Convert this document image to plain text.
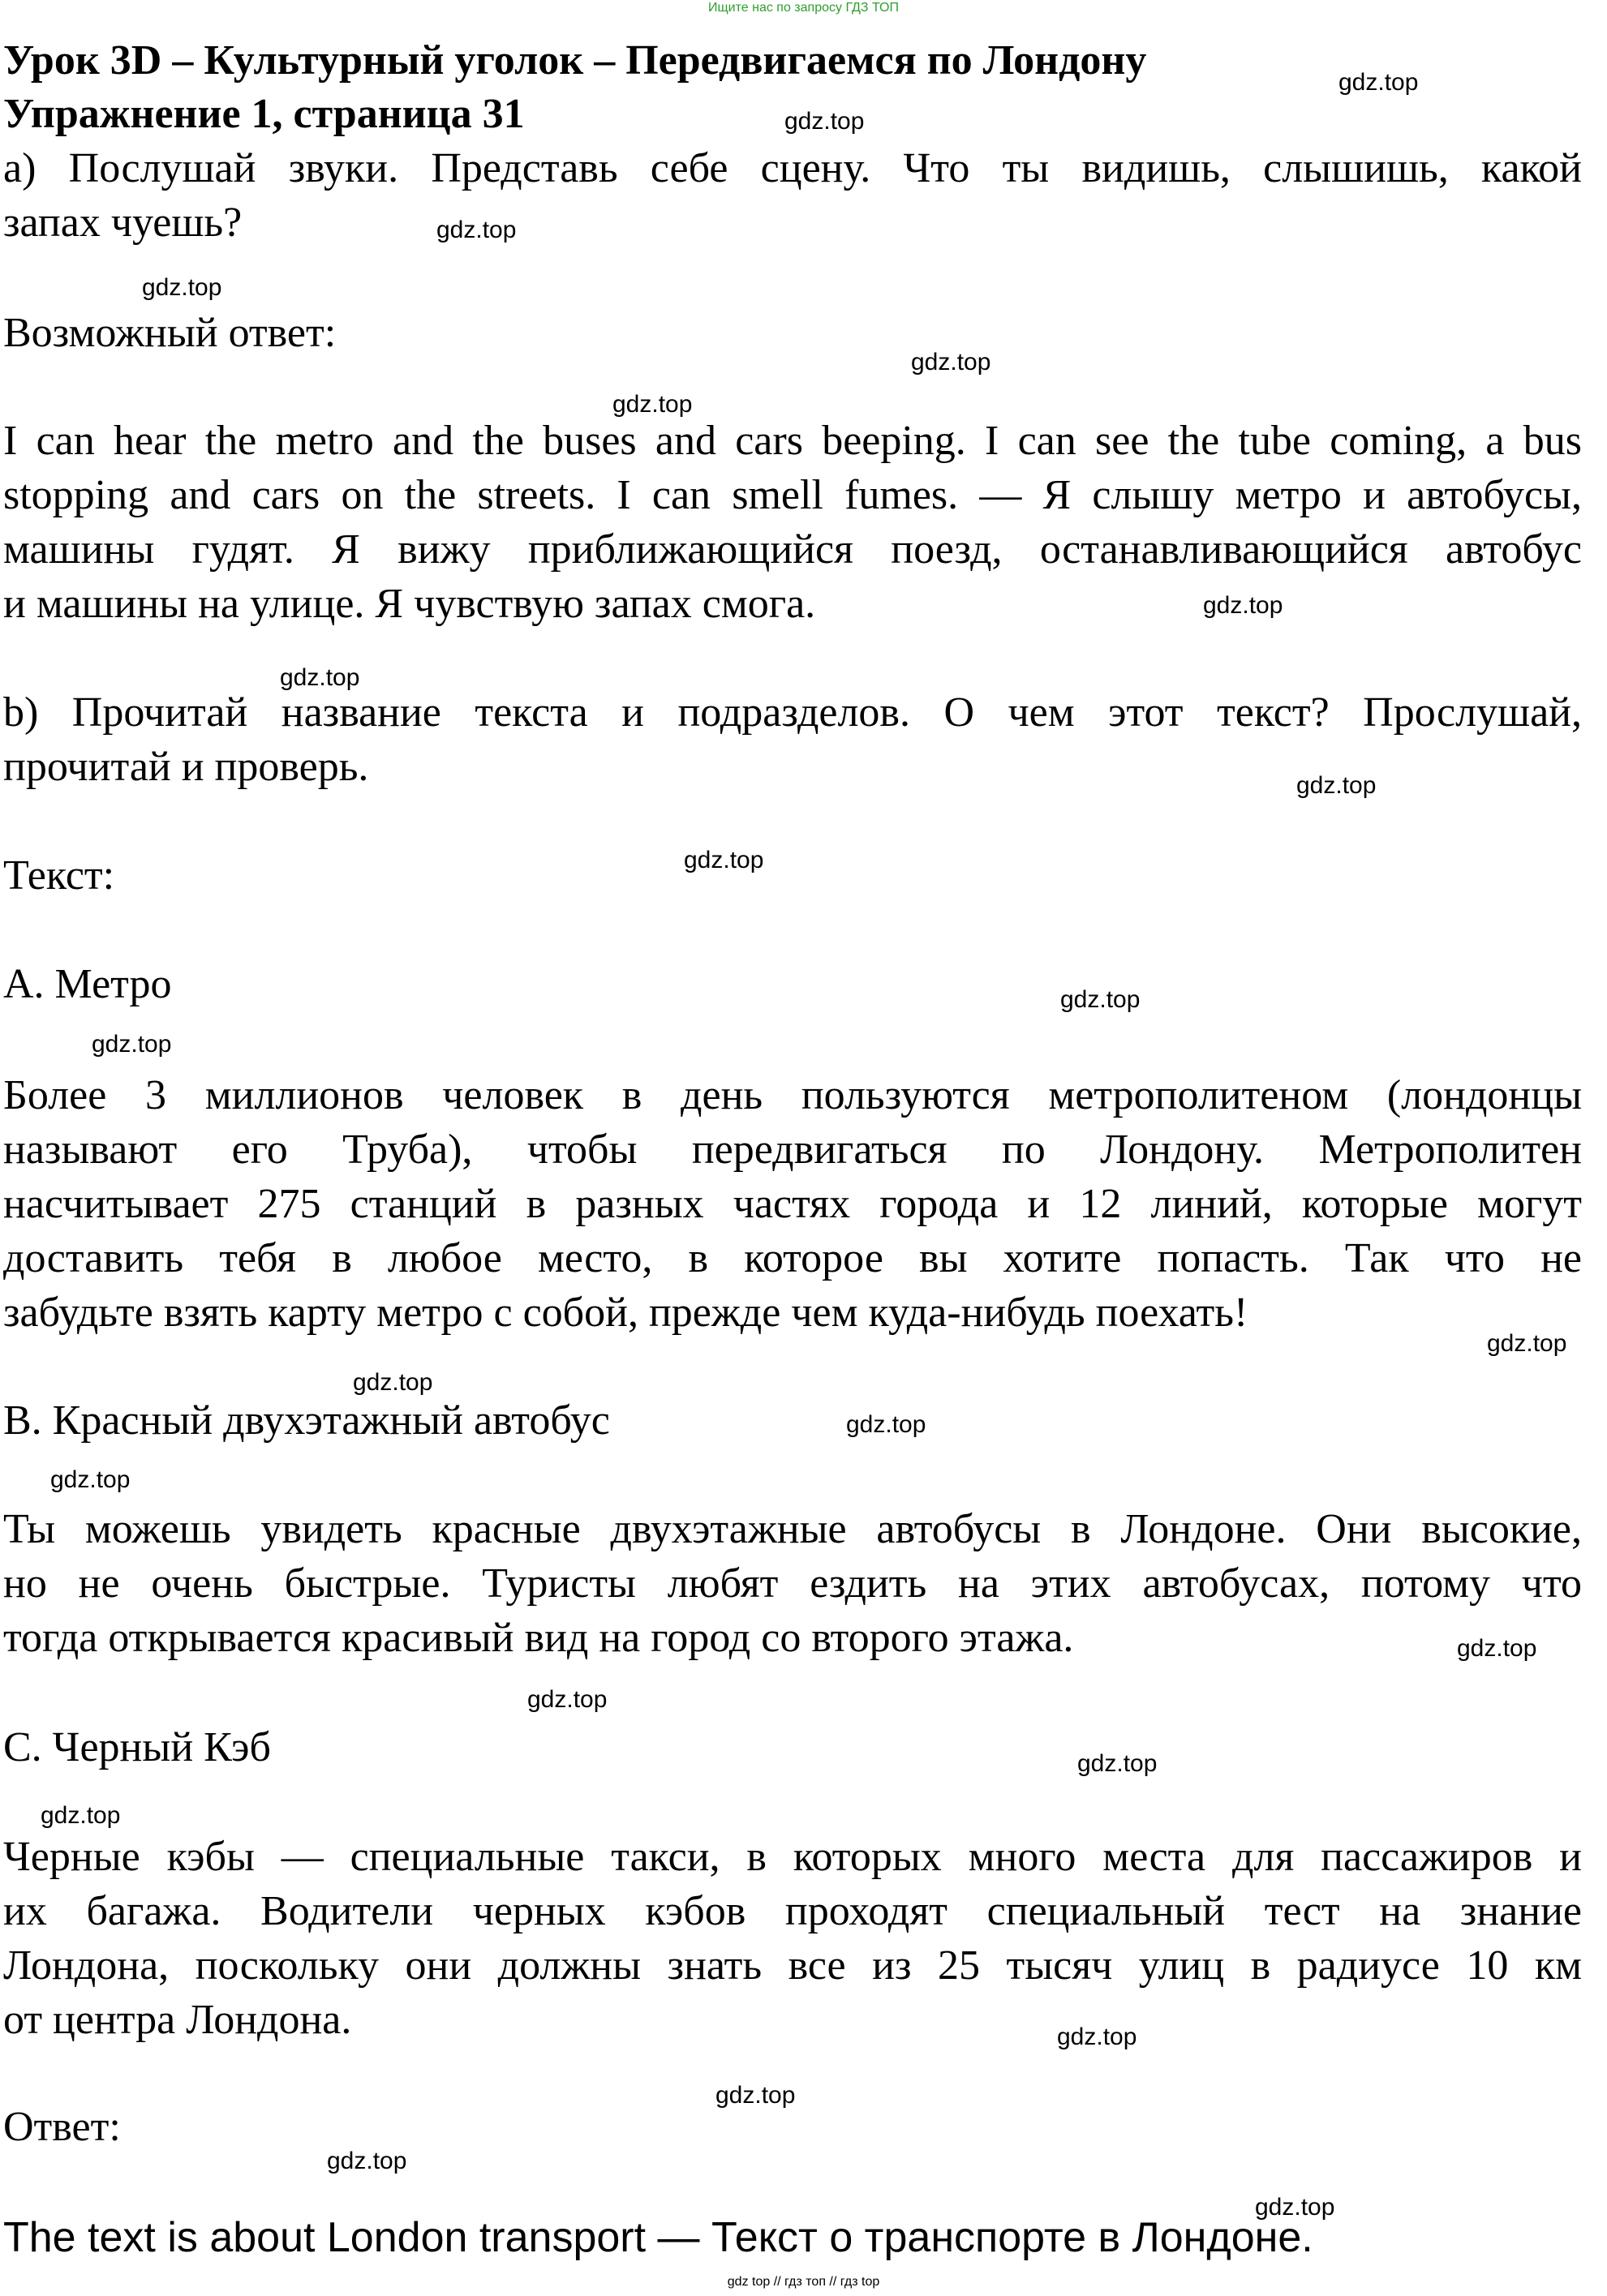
Ищите нас по запросу ГДЗ ТОП

Урок 3D – Культурный уголок – Передвигаемся по Лондону

Упражнение 1, страница 31

а) Послушай звуки. Представь себе сцену. Что ты видишь, слышишь, какой

запах чуешь?

Возможный ответ:

I can hear the metro and the buses and cars beeping. I can see the tube coming, a bus

stopping and cars on the streets. I can smell fumes. — Я слышу метро и автобусы,

машины гудят. Я вижу приближающийся поезд, останавливающийся автобус

и машины на улице. Я чувствую запах смога.

b) Прочитай название текста и подразделов. О чем этот текст? Прослушай,

прочитай и проверь.

Текст:

A. Метро

Более 3 миллионов человек в день пользуются метрополитеном (лондонцы

называют его Труба), чтобы передвигаться по Лондону. Метрополитен

насчитывает 275 станций в разных частях города и 12 линий, которые могут

доставить тебя в любое место, в которое вы хотите попасть. Так что не

забудьте взять карту метро с собой, прежде чем куда-нибудь поехать!

B. Красный двухэтажный автобус

Ты можешь увидеть красные двухэтажные автобусы в Лондоне. Они высокие,

но не очень быстрые. Туристы любят ездить на этих автобусах, потому что

тогда открывается красивый вид на город со второго этажа.

C. Черный Кэб

Черные кэбы — специальные такси, в которых много места для пассажиров и

их багажа. Водители черных кэбов проходят специальный тест на знание

Лондона, поскольку они должны знать все из 25 тысяч улиц в радиусе 10 км

от центра Лондона.

Ответ:

The text is about London transport — Текст о транспорте в Лондоне.

gdz.top
gdz.top
gdz.top
gdz.top
gdz.top
gdz.top
gdz.top
gdz.top
gdz.top
gdz.top
gdz.top
gdz.top
gdz.top
gdz.top
gdz.top
gdz.top
gdz.top
gdz.top
gdz.top
gdz.top
gdz.top
gdz.top
gdz.top
gdz.top
gdz top // гдз топ // гдз top
